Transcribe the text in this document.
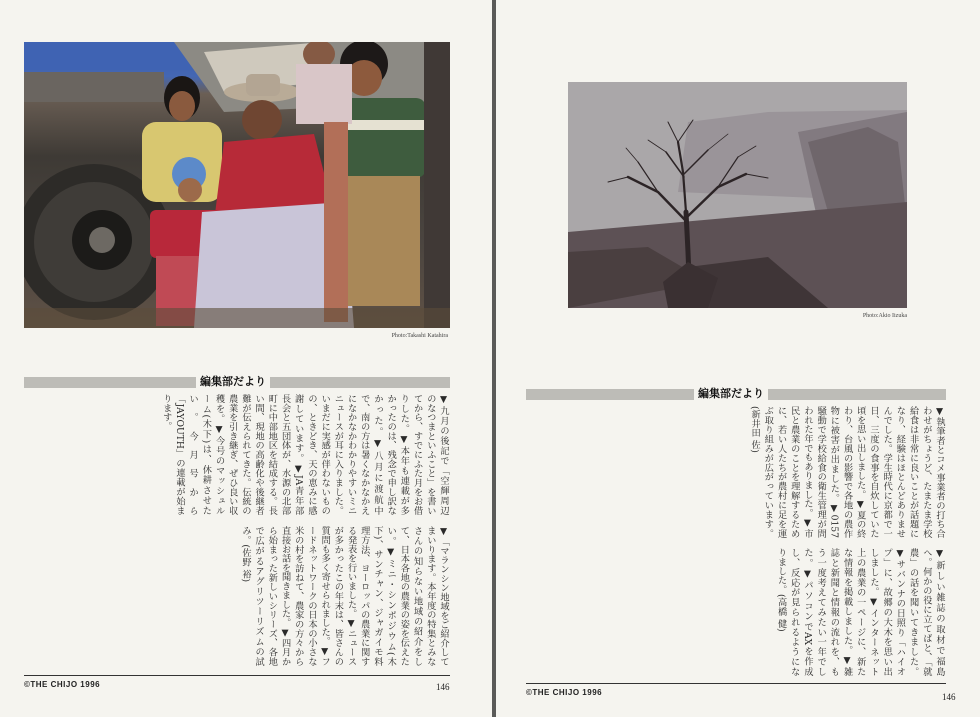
Photo:Takashi Katahira
編集部だより
▼九月の後記で「空輝周辺のなつまといふこと」を書いてから、すでにふた月をお借りした。▼本年も連載が多かったのは、残念で申し訳なかった。▼八月に渡航中で、南の方は暑くなかなかえになかなかわかりやすいミニニュースが耳に入りました。いまだに実感が伴わないものの、ときどき、天の恵みに感謝しています。▼JA青年部長会と五団体が、水源の北部町に中部地区を結成する。長い間、現地の高齢化や後継者難が伝えられてきた。伝統の農業を引き継ぎ、ぜひ良い収穫を。▼今号のマッシュルーム(木下)は、休耕させたい。今月号から「JAYOUTH」の連載が始まります。
▼「マランシン地域をご紹介してまいります。本年度の特集とみなさんの知らない地域の紹介をして、日本各地の農業の姿を伝えたい。▼ミニ・シンポジウム(木下)、サンチャン、ジャガイモ料理方法、ヨーロッパの農業に関する発表を行いました。▼ニュースが多かったこの年末は、皆さんの質問も多く寄せられました。▼フードネットワークの日本の小さな米の村を訪ねて、農家の方々から直接お話を聞きました。▼四月から始まった新しいシリーズ、各地で広がるアグリツーリズムの試み。(佐野 裕)
©THE CHIJO 1996	146
Photo:Akio Iizuka
編集部だより
▼執筆者とコメ事業者の打ち合わせがちょうど、たまたま学校給食は非常に良いことが話題になり、経験はほとんどありませんでした。学生時代に京都で一日、三度の食事を自炊していた頃を思い出しました。▼夏の終わり、台風の影響で各地の農作物に被害が出ました。▼0157騒動で学校給食の衛生管理が問われた年でもありました。▼市民と農業のことを理解するために、若い人たちが農村に足を運ぶ取り組みが広がっています。(新井田 佐)
▼新しい雑誌の取材で福島へ。何かの役に立てばと、「就農」の話を聞いてきました。▼サバンナの日照り「ハイオプ」に、故郷の大木を思い出しました。▼インターネット上の農業の一ページに、新たな情報を掲載しました。▼雑誌と新聞と情報の流れを、もう一度考えてみたい一年でした。▼パソコンでAXを作成し、反応が見られるようになりました。(高橋 健)
©THE CHIJO 1996	146
